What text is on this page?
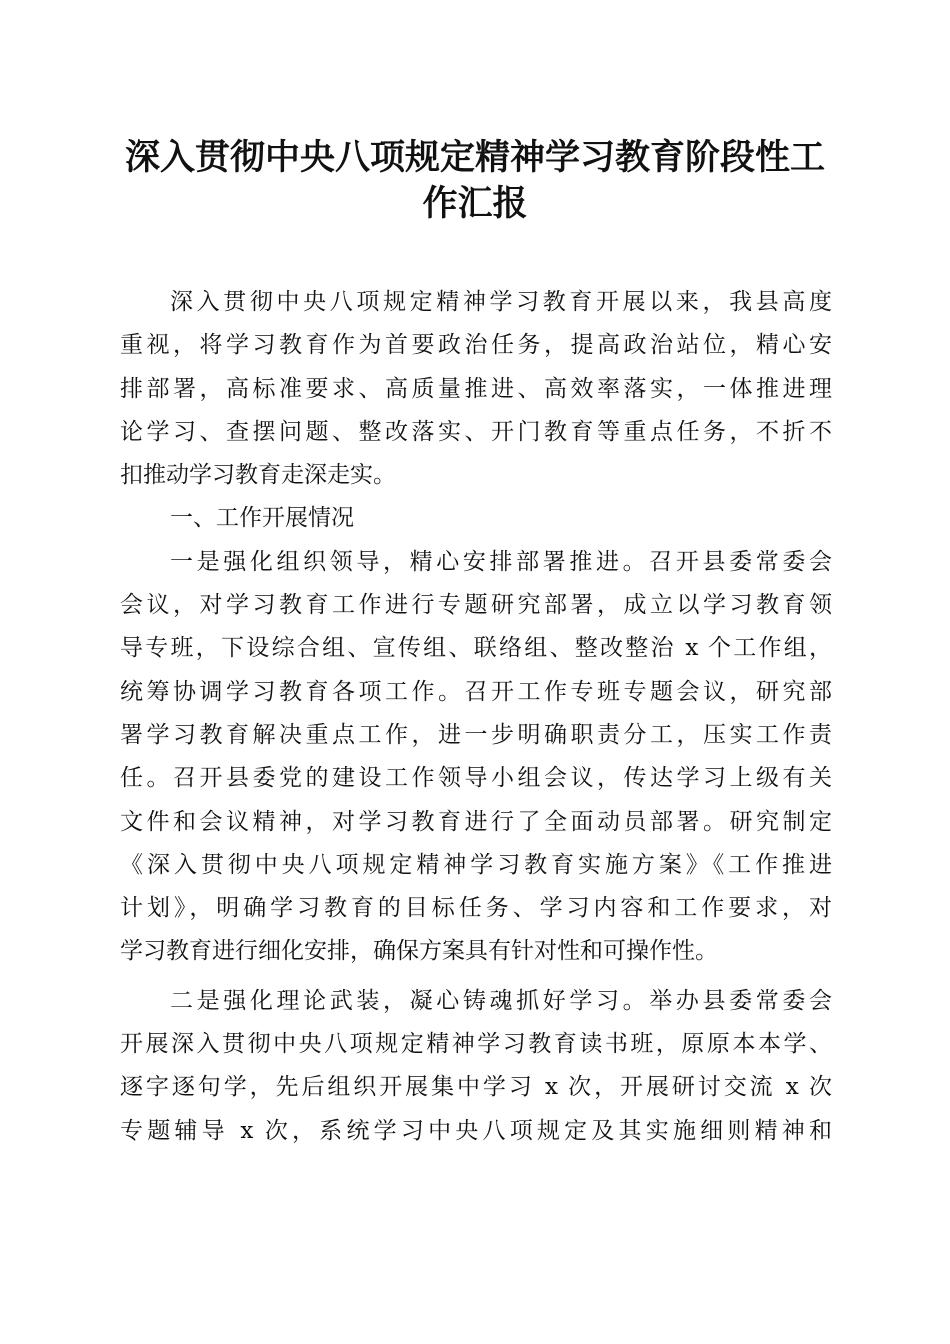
深入贯彻中央八项规定精神学习教育阶段性工
作汇报
深入贯彻中央八项规定精神学习教育开展以来，我县高度
重视，将学习教育作为首要政治任务，提高政治站位，精心安
排部署，高标准要求、高质量推进、高效率落实，一体推进理
论学习、查摆问题、整改落实、开门教育等重点任务，不折不
扣推动学习教育走深走实。
一、工作开展情况
一是强化组织领导，精心安排部署推进。召开县委常委会
会议，对学习教育工作进行专题研究部署，成立以学习教育领
导专班，下设综合组、宣传组、联络组、整改整治 x 个工作组，
统筹协调学习教育各项工作。召开工作专班专题会议，研究部
署学习教育解决重点工作，进一步明确职责分工，压实工作责
任。召开县委党的建设工作领导小组会议，传达学习上级有关
文件和会议精神，对学习教育进行了全面动员部署。研究制定
《深入贯彻中央八项规定精神学习教育实施方案》《工作推进
计划》，明确学习教育的目标任务、学习内容和工作要求，对
学习教育进行细化安排，确保方案具有针对性和可操作性。
二是强化理论武装，凝心铸魂抓好学习。举办县委常委会
开展深入贯彻中央八项规定精神学习教育读书班，原原本本学、
逐字逐句学，先后组织开展集中学习 x 次，开展研讨交流 x 次
专题辅导 x 次，系统学习中央八项规定及其实施细则精神和
